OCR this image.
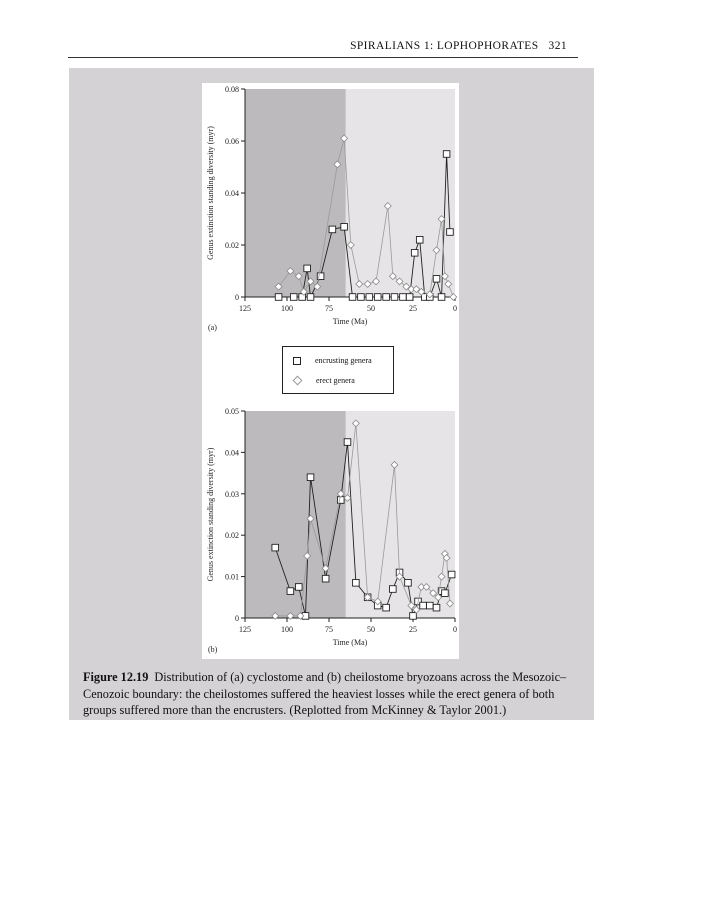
SPIRALIANS 1: LOPHOPHORATES 321
0
0.02
0.04
0.06
0.08
125	100	75	50	25	0
Time (Ma)
Genus extinction standing diversity (myr)
(a)
0
0.01
0.02
0.03
0.04
0.05
125	100	75	50	25	0
Time (Ma)
Genus extinction standing diversity (myr)
(b)
encrusting genera
erect genera
Figure 12.19 Distribution of (a) cyclostome and (b) cheilostome bryozoans across the Mesozoic–Cenozoic boundary: the cheilostomes suffered the heaviest losses while the erect genera of both groups suffered more than the encrusters. (Replotted from McKinney & Taylor 2001.)
